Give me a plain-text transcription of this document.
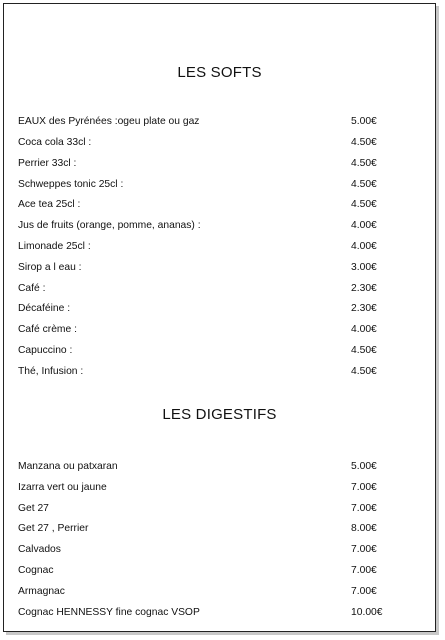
LES SOFTS
EAUX des Pyrénées :ogeu plate ou gaz	5.00€
Coca cola 33cl :	4.50€
Perrier 33cl :	4.50€
Schweppes tonic 25cl :	4.50€
Ace tea 25cl :	4.50€
Jus de fruits (orange, pomme, ananas) :	4.00€
Limonade 25cl :	4.00€
Sirop a l eau :	3.00€
Café :	2.30€
Décaféine :	2.30€
Café crème :	4.00€
Capuccino :	4.50€
Thé, Infusion :	4.50€
LES DIGESTIFS
Manzana ou patxaran	5.00€
Izarra vert ou jaune	7.00€
Get 27	7.00€
Get 27 , Perrier	8.00€
Calvados	7.00€
Cognac	7.00€
Armagnac	7.00€
Cognac HENNESSY fine cognac VSOP	10.00€
